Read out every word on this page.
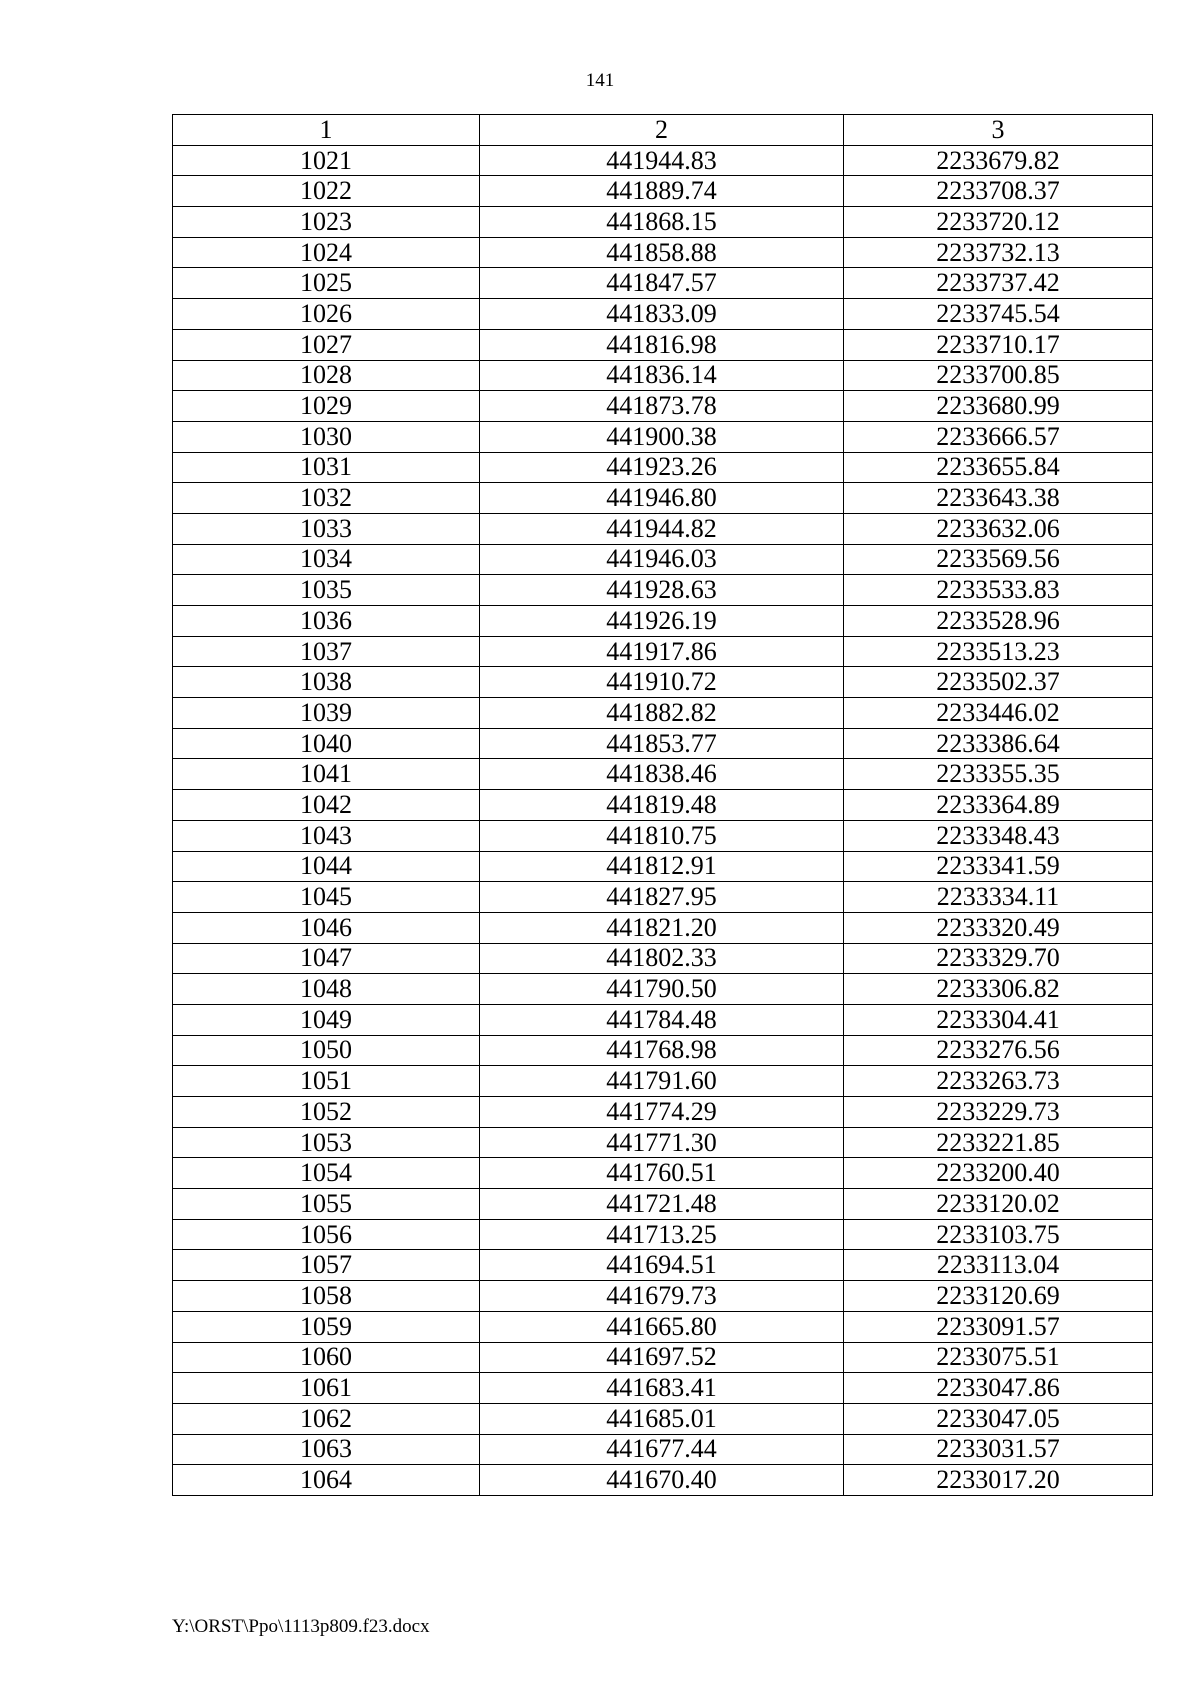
141
1	2	3
1021	441944.83	2233679.82
1022	441889.74	2233708.37
1023	441868.15	2233720.12
1024	441858.88	2233732.13
1025	441847.57	2233737.42
1026	441833.09	2233745.54
1027	441816.98	2233710.17
1028	441836.14	2233700.85
1029	441873.78	2233680.99
1030	441900.38	2233666.57
1031	441923.26	2233655.84
1032	441946.80	2233643.38
1033	441944.82	2233632.06
1034	441946.03	2233569.56
1035	441928.63	2233533.83
1036	441926.19	2233528.96
1037	441917.86	2233513.23
1038	441910.72	2233502.37
1039	441882.82	2233446.02
1040	441853.77	2233386.64
1041	441838.46	2233355.35
1042	441819.48	2233364.89
1043	441810.75	2233348.43
1044	441812.91	2233341.59
1045	441827.95	2233334.11
1046	441821.20	2233320.49
1047	441802.33	2233329.70
1048	441790.50	2233306.82
1049	441784.48	2233304.41
1050	441768.98	2233276.56
1051	441791.60	2233263.73
1052	441774.29	2233229.73
1053	441771.30	2233221.85
1054	441760.51	2233200.40
1055	441721.48	2233120.02
1056	441713.25	2233103.75
1057	441694.51	2233113.04
1058	441679.73	2233120.69
1059	441665.80	2233091.57
1060	441697.52	2233075.51
1061	441683.41	2233047.86
1062	441685.01	2233047.05
1063	441677.44	2233031.57
1064	441670.40	2233017.20
Y:\ORST\Ppo\1113p809.f23.docx
